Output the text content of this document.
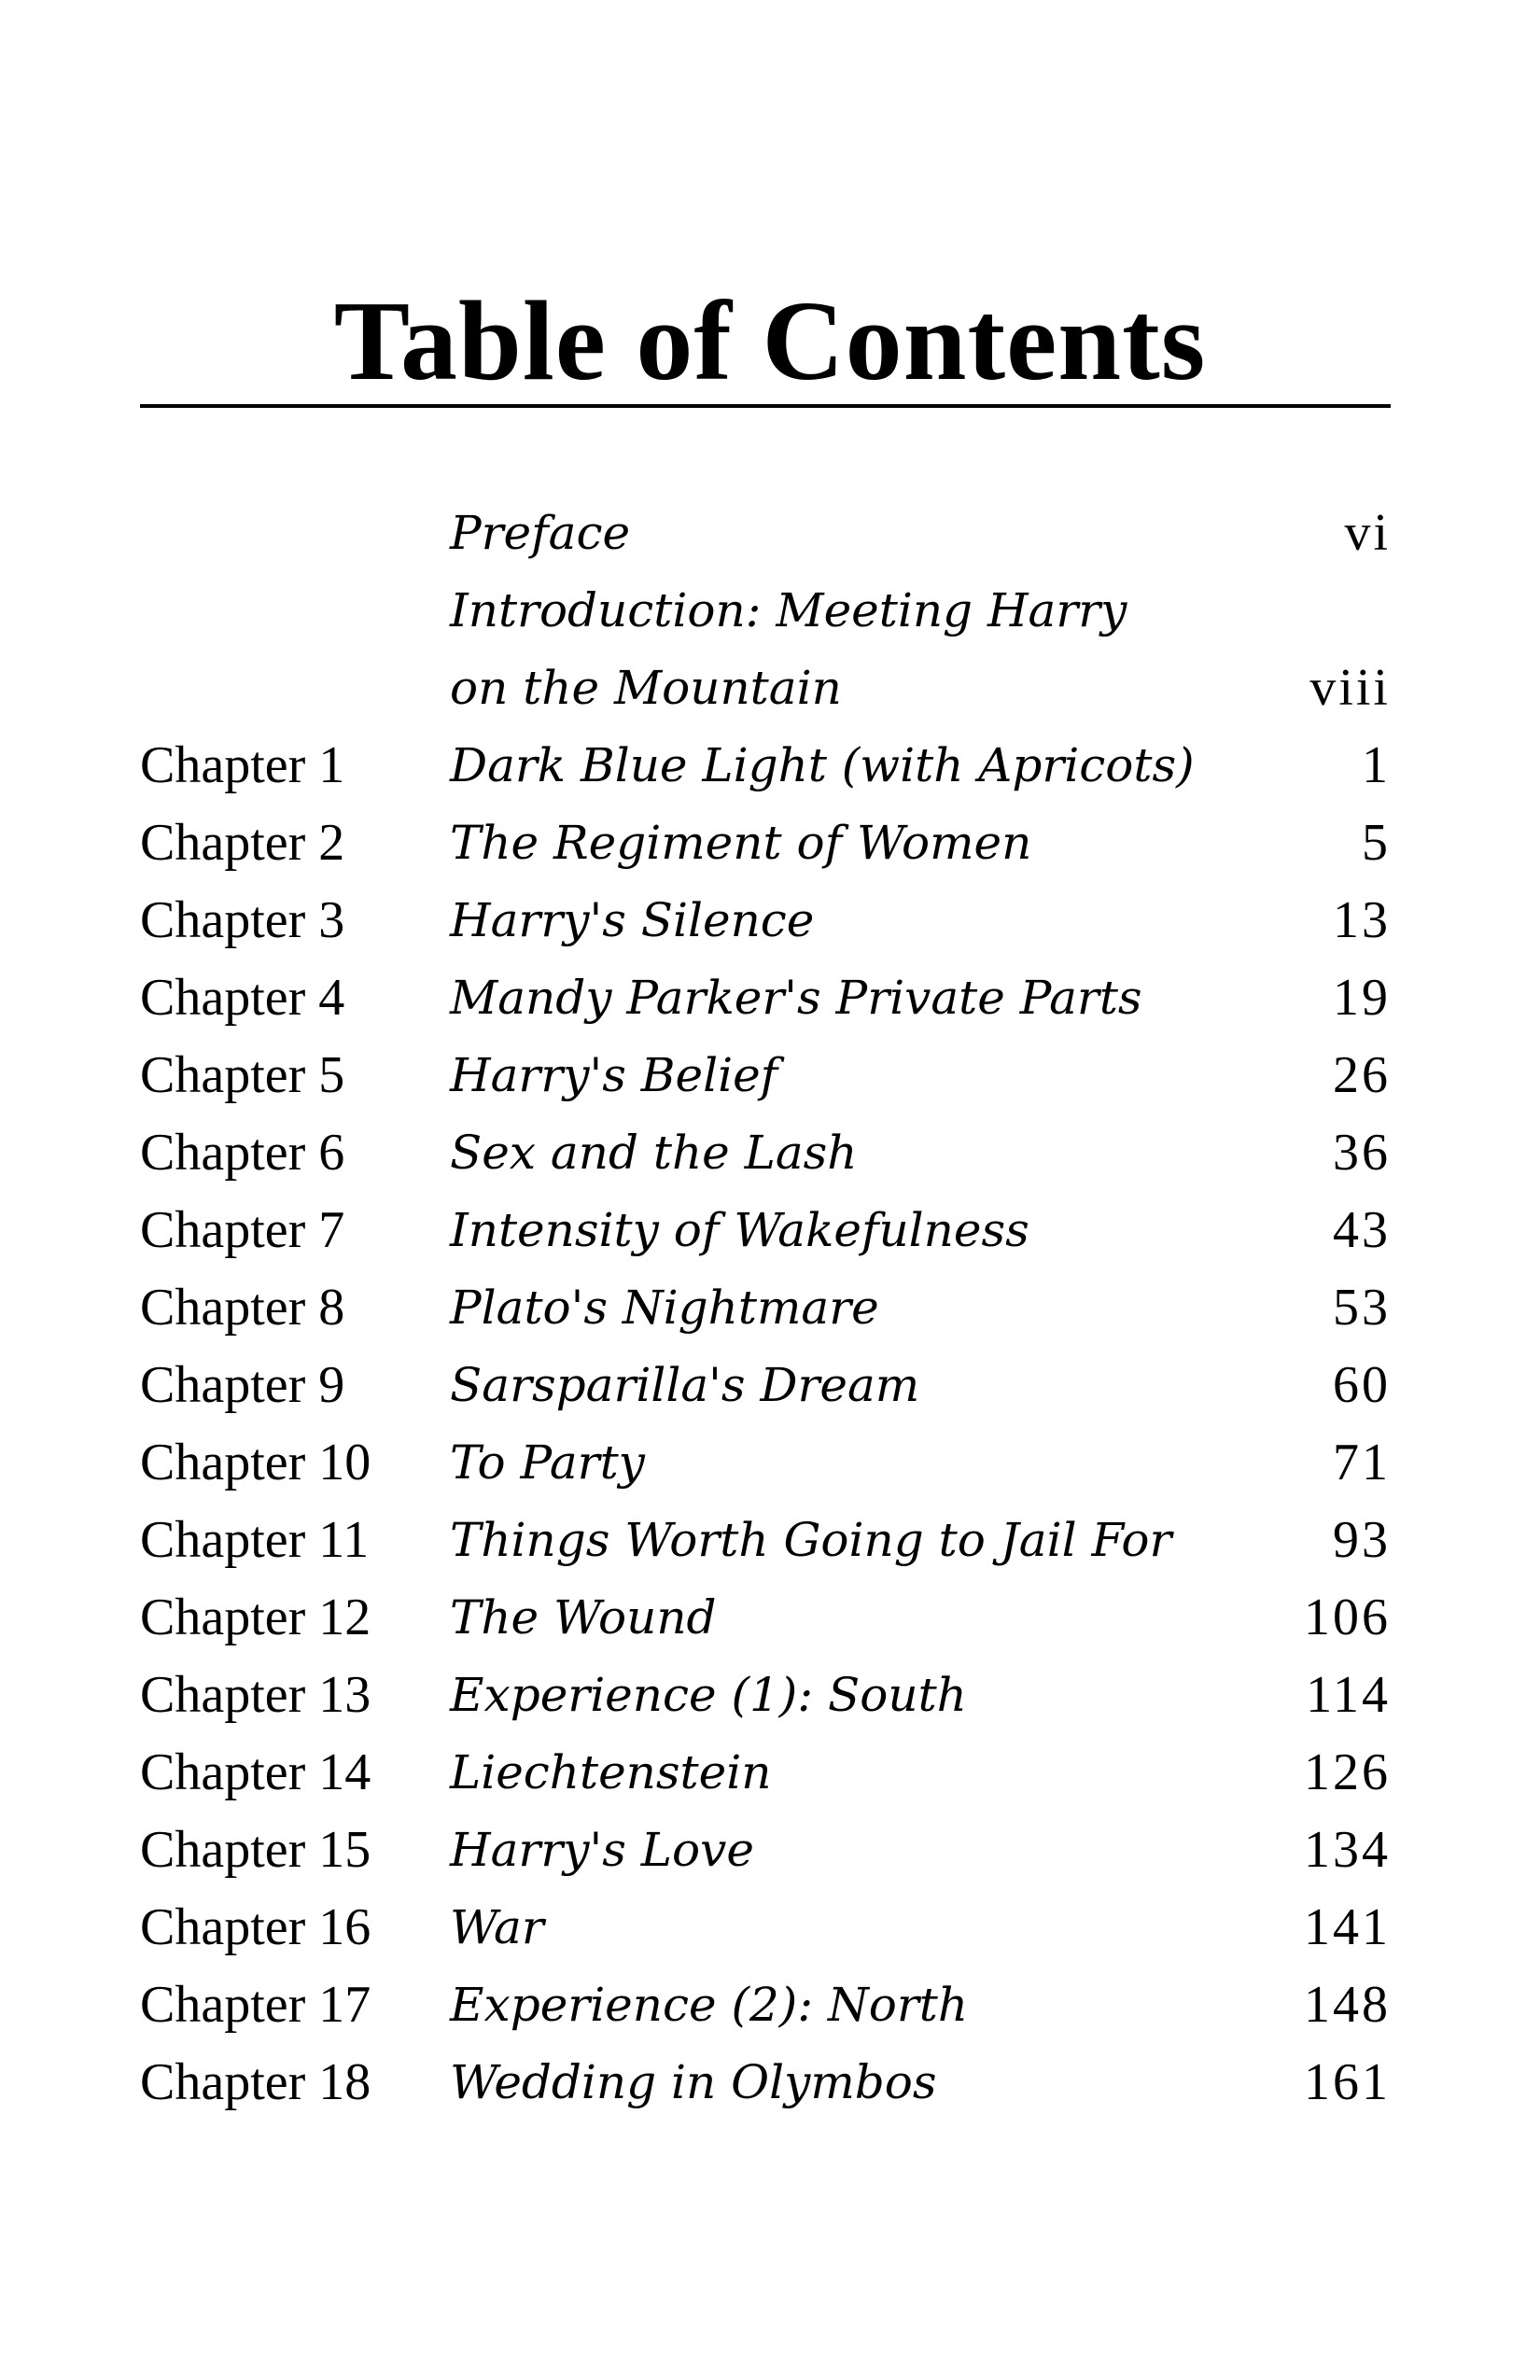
Table of Contents
Preface	vi
Introduction: Meeting Harry
on the Mountain	viii
Chapter 1 Dark Blue Light (with Apricots)	1
Chapter 2 The Regiment of Women	5
Chapter 3 Harry's Silence	13
Chapter 4 Mandy Parker's Private Parts	19
Chapter 5 Harry's Belief	26
Chapter 6 Sex and the Lash	36
Chapter 7 Intensity of Wakefulness	43
Chapter 8 Plato's Nightmare	53
Chapter 9 Sarsparilla's Dream	60
Chapter 10 To Party	71
Chapter 11 Things Worth Going to Jail For	93
Chapter 12 The Wound	106
Chapter 13 Experience (1): South	114
Chapter 14 Liechtenstein	126
Chapter 15 Harry's Love	134
Chapter 16 War	141
Chapter 17 Experience (2): North	148
Chapter 18 Wedding in Olymbos	161
